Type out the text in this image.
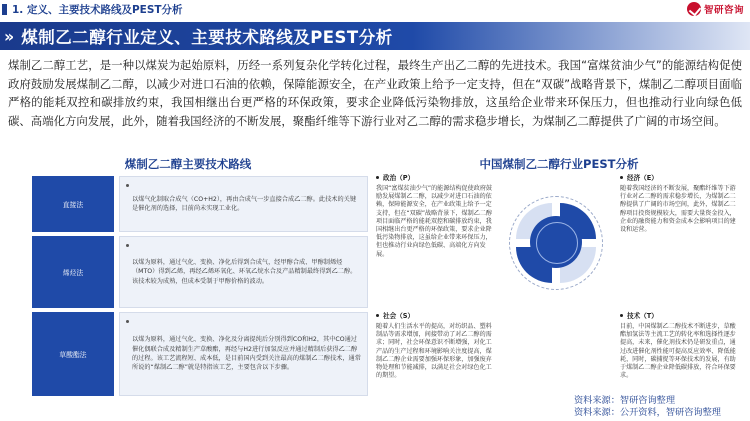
1. 定义、主要技术路线及PEST分析	智研咨询
›› 煤制乙二醇行业定义、主要技术路线及PEST分析
煤制乙二醇工艺，是一种以煤炭为起始原料，历经一系列复杂化学转化过程，最终生产出乙二醇的先进技术。我国“富煤贫油少气”的能源结构促使政府鼓励发展煤制乙二醇，以减少对进口石油的依赖，保障能源安全，在产业政策上给予一定支持，但在“双碳”战略背景下，煤制乙二醇项目面临严格的能耗双控和碳排放约束，我国相继出台更严格的环保政策，要求企业降低污染物排放，这虽给企业带来环保压力，但也推动行业向绿色低碳、高端化方向发展，此外，随着我国经济的不断发展，聚酯纤维等下游行业对乙二醇的需求稳步增长，为煤制乙二醇提供了广阔的市场空间。
煤制乙二醇主要技术路线
直接法
以煤气化制取合成气（CO+H2），再由合成气一步直接合成乙二醇。此技术的关键是催化剂的选择，目前尚未实现工业化。
烯烃法
以煤为原料，通过气化、变换、净化后得到合成气，经甲醇合成、甲醇制烯烃（MTO）得到乙烯，再经乙烯环氧化、环氧乙烷水合及产品精制最终得到乙二醇。该技术较为成熟，但成本受制于甲醇价格的波动。
草酸酯法
以煤为原料，通过气化、变换、净化及分离提纯后分别得到CO和H2，其中CO通过催化偶联合成及精制生产草酸酯，再经与H2进行加氢反应并通过精制后获得乙二醇的过程。该工艺流程短、成本低，是目前国内受到关注最高的煤制乙二醇技术，通常所说的“煤制乙二醇”就是特指该工艺，主要包含以下步骤。
中国煤制乙二醇行业PEST分析
政治（P）
我国“富煤贫油少气”的能源结构促使政府鼓励发展煤制乙二醇，以减少对进口石油的依赖，保障能源安全，在产业政策上给予一定支持，但在“双碳”战略背景下，煤制乙二醇项目面临严格的能耗双控和碳排放约束，我国相继出台更严格的环保政策，要求企业降低污染物排放，这虽给企业带来环保压力，但也推动行业向绿色低碳、高端化方向发展。
经济（E）
随着我国经济的不断发展，聚酯纤维等下游行业对乙二醇的需求稳步增长，为煤制乙二醇提供了广阔的市场空间，此外，煤制乙二醇项目投资规模较大，需要大量资金投入，企业的融资能力和资金成本会影响项目的建设和运营。
社会（S）
随着人们生活水平的提高，对纺织品、塑料制品等需求增加，间接带动了对乙二醇的需求；同时，社会环保意识不断增强，对化工产品的生产过程和环境影响关注度提高，煤制乙二醇企业需要加强环保形象，加强废弃物处理和节能减排，以满足社会对绿色化工的期望。
技术（T）
目前，中国煤制乙二醇技术不断进步，草酸酯加氢法等主流工艺的转化率和选择性逐步提高，未来，催化剂技术仍是研发重点，通过改进催化剂性能可提高反应效率、降低能耗，同时，碳捕捉等环保技术的发展，有助于煤制乙二醇企业降低碳排放，符合环保要求。
资料来源：智研咨询整理
资料来源：公开资料，智研咨询整理
